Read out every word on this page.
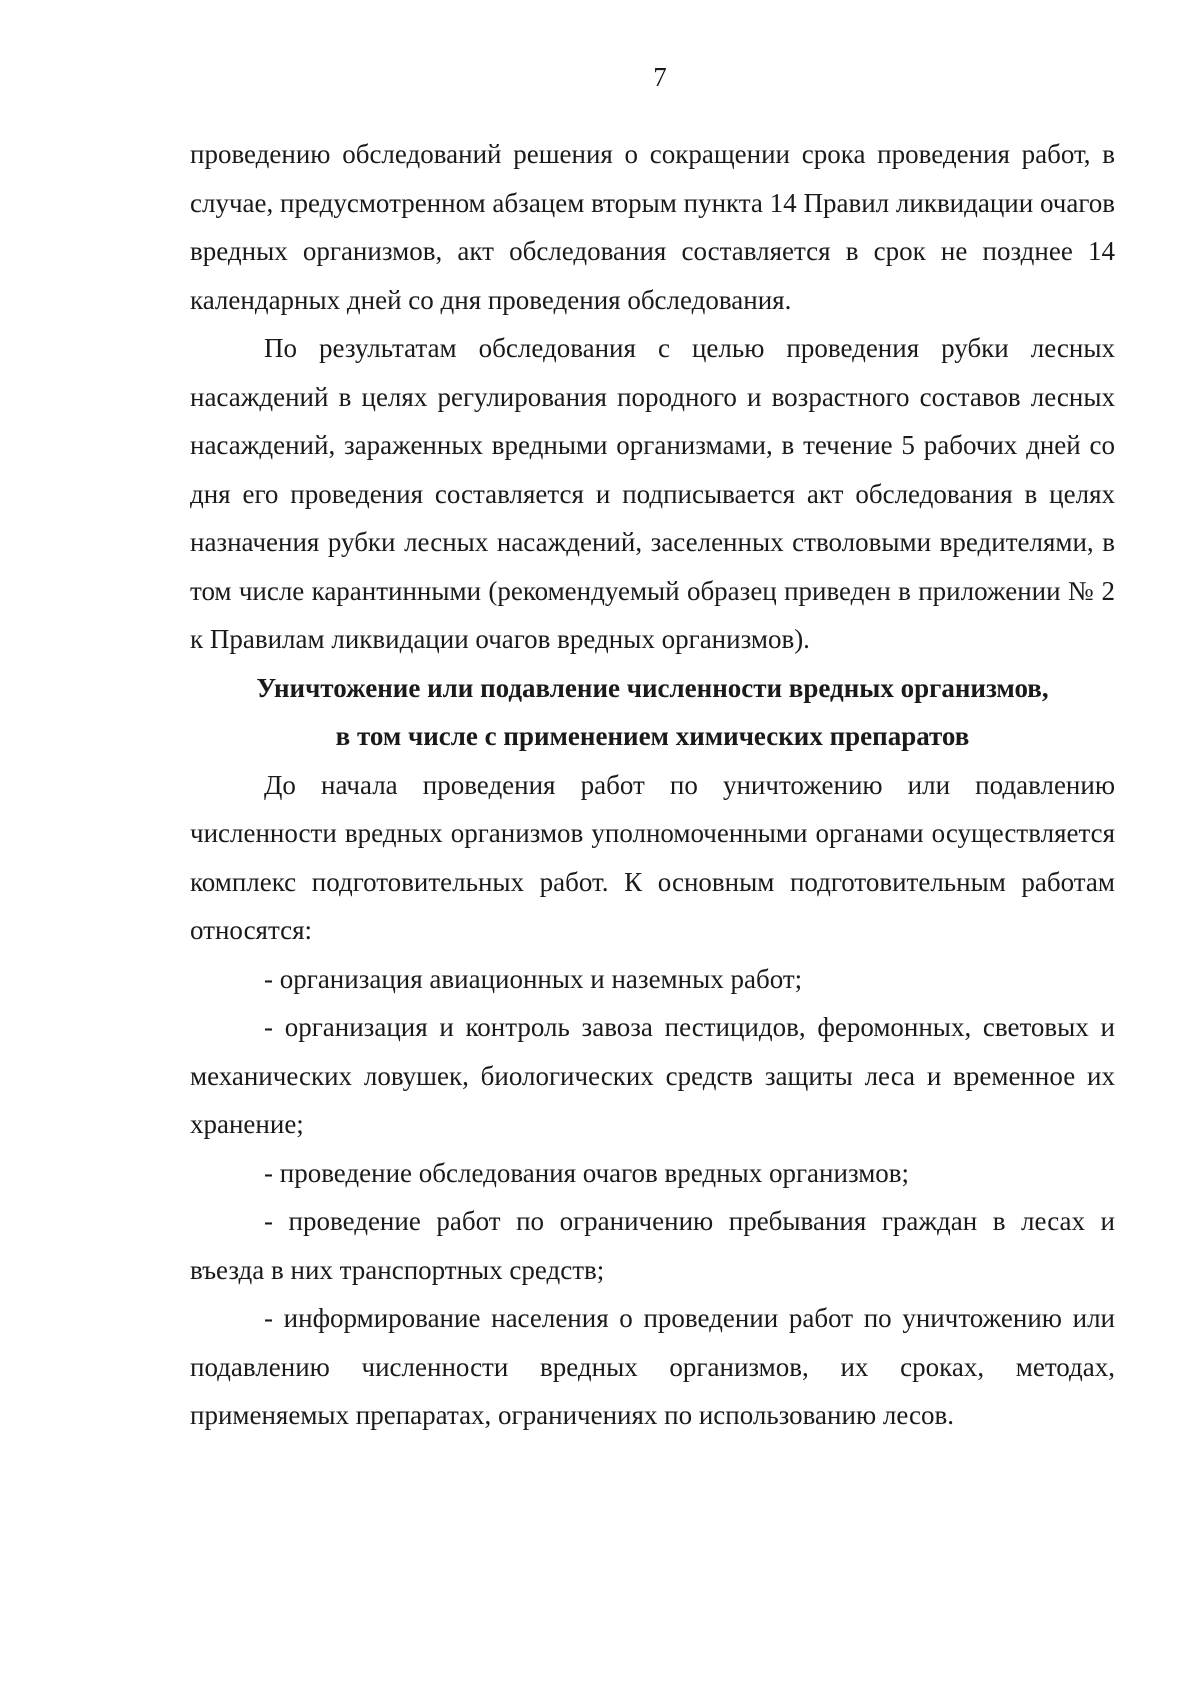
7

проведению обследований решения о сокращении срока проведения работ, в случае, предусмотренном абзацем вторым пункта 14 Правил ликвидации очагов вредных организмов, акт обследования составляется в срок не позднее 14 календарных дней со дня проведения обследования.

По результатам обследования с целью проведения рубки лесных насаждений в целях регулирования породного и возрастного составов лесных насаждений, зараженных вредными организмами, в течение 5 рабочих дней со дня его проведения составляется и подписывается акт обследования в целях назначения рубки лесных насаждений, заселенных стволовыми вредителями, в том числе карантинными (рекомендуемый образец приведен в приложении № 2 к Правилам ликвидации очагов вредных организмов).

Уничтожение или подавление численности вредных организмов,
в том числе с применением химических препаратов

До начала проведения работ по уничтожению или подавлению численности вредных организмов уполномоченными органами осуществляется комплекс подготовительных работ. К основным подготовительным работам относятся:

- организация авиационных и наземных работ;

- организация и контроль завоза пестицидов, феромонных, световых и механических ловушек, биологических средств защиты леса и временное их хранение;

- проведение обследования очагов вредных организмов;

- проведение работ по ограничению пребывания граждан в лесах и въезда в них транспортных средств;

- информирование населения о проведении работ по уничтожению или подавлению численности вредных организмов, их сроках, методах, применяемых препаратах, ограничениях по использованию лесов.
